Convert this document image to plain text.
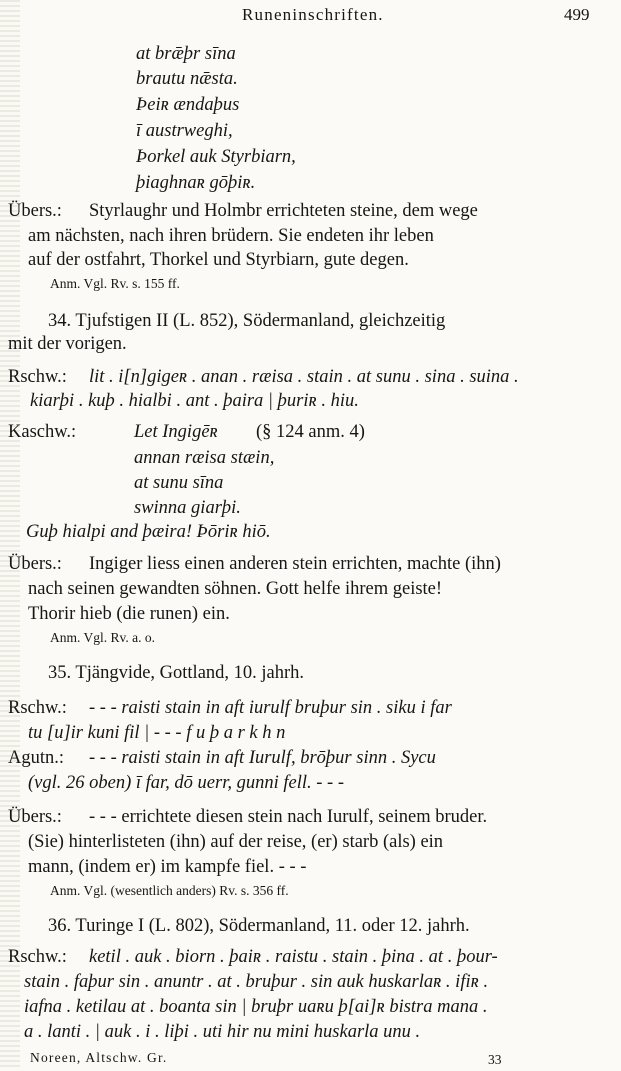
Runeninschriften.	499
at brǣþr sīna
brautu nǣsta.
Þeiʀ ændaþus
ī austrweghi,
Þorkel auk Styrbiarn,
þiaghnaʀ gōþiʀ.
Übers.: Styrlaughr und Holmbr errichteten steine, dem wege
am nächsten, nach ihren brüdern. Sie endeten ihr leben
auf der ostfahrt, Thorkel und Styrbiarn, gute degen.
Anm. Vgl. Rv. s. 155 ff.
34. Tjufstigen II (L. 852), Södermanland, gleichzeitig
mit der vorigen.
Rschw.: lit . i[n]gigeʀ . anan . ræisa . stain . at sunu . sina . suina .
kiarþi . kuþ . hialbi . ant . þaira | þuriʀ . hiu.
Kaschw.:	Let Ingigēʀ (§ 124 anm. 4)
annan ræisa stæin,
at sunu sīna
swinna giarþi.
Guþ hialpi and þæira! Þōriʀ hiō.
Übers.: Ingiger liess einen anderen stein errichten, machte (ihn)
nach seinen gewandten söhnen. Gott helfe ihrem geiste!
Thorir hieb (die runen) ein.
Anm. Vgl. Rv. a. o.
35. Tjängvide, Gottland, 10. jahrh.
Rschw.: - - - raisti stain in aft iurulf bruþur sin . siku i far
tu [u]ir kuni fil | - - - f u þ a r k h n
Agutn.: - - - raisti stain in aft Iurulf, brōþur sinn . Sycu
(vgl. 26 oben) ī far, dō uerr, gunni fell. - - -
Übers.: - - - errichtete diesen stein nach Iurulf, seinem bruder.
(Sie) hinterlisteten (ihn) auf der reise, (er) starb (als) ein
mann, (indem er) im kampfe fiel. - - -
Anm. Vgl. (wesentlich anders) Rv. s. 356 ff.
36. Turinge I (L. 802), Södermanland, 11. oder 12. jahrh.
Rschw.: ketil . auk . biorn . þaiʀ . raistu . stain . þina . at . þour-
stain . faþur sin . anuntr . at . bruþur . sin auk huskarlaʀ . ifiʀ .
iafna . ketilau at . boanta sin | bruþr uaʀu þ[ai]ʀ bistra mana .
a . lanti . | auk . i . liþi . uti hir nu mini huskarla unu .
Noreen, Altschw. Gr.	33
